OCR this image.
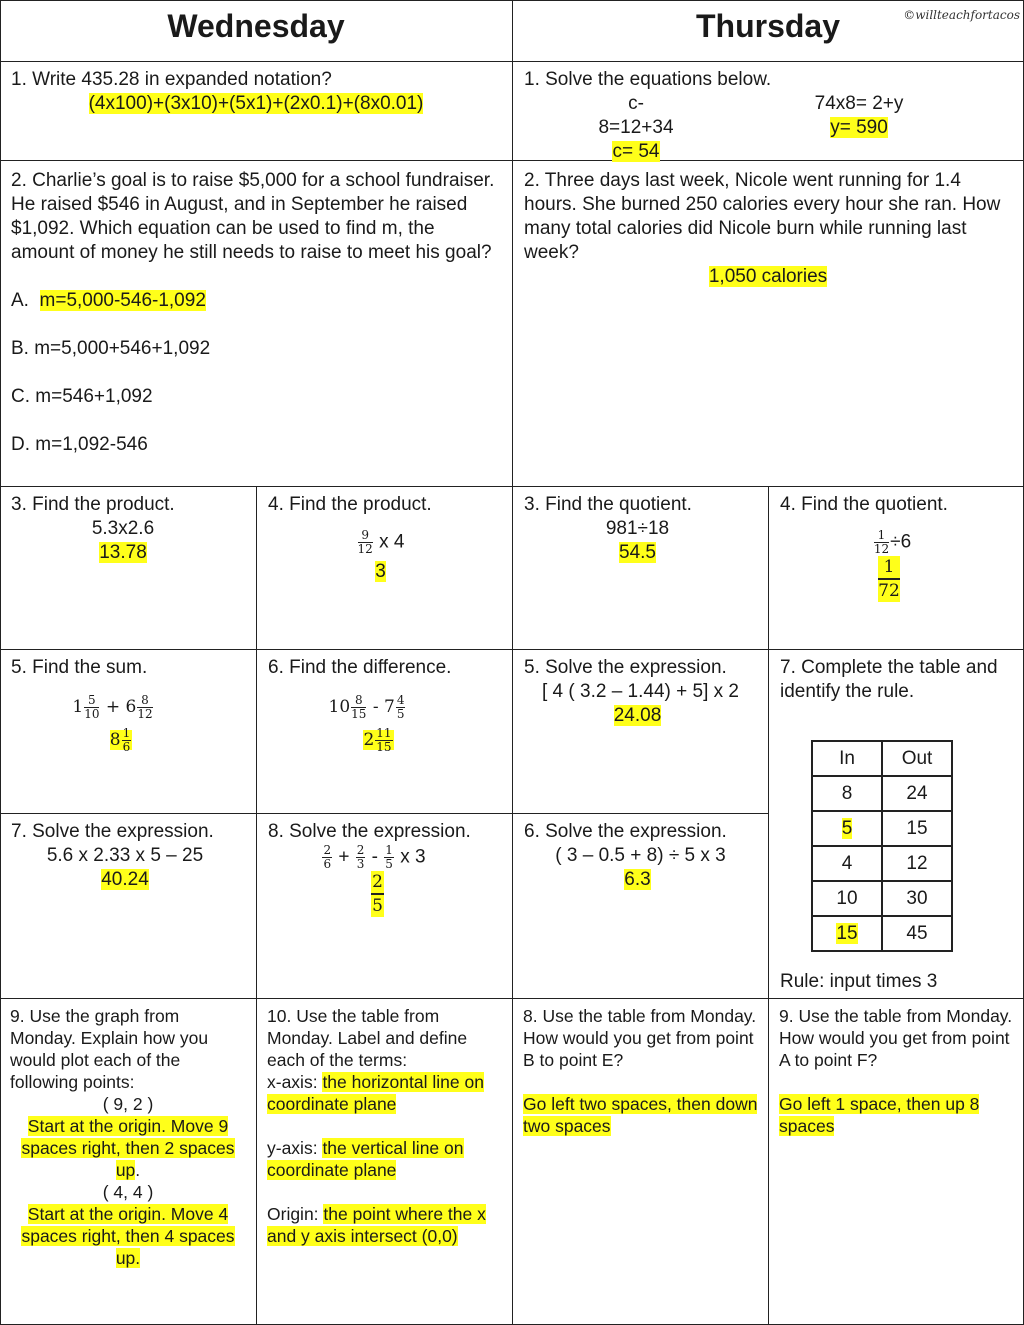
Wednesday	Thursday	©willteachfortacos
1. Write 435.28 in expanded notation?
(4x100)+(3x10)+(5x1)+(2x0.1)+(8x0.01)
1. Solve the equations below.
c-8=12+34
c= 54
74x8= 2+y
y= 590
2. Charlie’s goal is to raise $5,000 for a school fundraiser. He raised $546 in August, and in September he raised $1,092. Which equation can be used to find m, the amount of money he still needs to raise to meet his goal?
A. m=5,000-546-1,092
B. m=5,000+546+1,092
C. m=546+1,092
D. m=1,092-546
2. Three days last week, Nicole went running for 1.4 hours. She burned 250 calories every hour she ran. How many total calories did Nicole burn while running last week?
1,050 calories
3. Find the product.
5.3x2.6
13.78
4. Find the product.
$\frac{9}{12}$ x 4
3
3. Find the quotient.
981÷18
54.5
4. Find the quotient.
$\frac{1}{12} \div 6$
$\frac{1}{72}$
5. Find the sum.
$1 \frac{5}{10} + 6 \frac{8}{12}$
$8 \frac{1}{6}$
6. Find the difference.
$10 \frac{8}{15} - 7 \frac{4}{5}$
$2 \frac{11}{15}$
5. Solve the expression.
[ 4 ( 3.2 – 1.44) + 5] x 2
24.08
7. Complete the table and identify the rule.
Rule: input times 3
In	Out
8	24
5	15
4	12
10	30
15	45
7. Solve the expression.
5.6 x 2.33 x 5 – 25
40.24
8. Solve the expression.
$\frac{2}{6} + \frac{2}{3} - \frac{1}{5}$ x 3
$\frac{2}{5}$
6. Solve the expression.
( 3 – 0.5 + 8) ÷ 5 x 3
6.3
9. Use the graph from Monday. Explain how you would plot each of the following points:
( 9, 2 )
Start at the origin. Move 9 spaces right, then 2 spaces up.
( 4, 4 )
Start at the origin. Move 4 spaces right, then 4 spaces up.
10. Use the table from Monday. Label and define each of the terms:
x-axis: the horizontal line on coordinate plane
y-axis: the vertical line on coordinate plane
Origin: the point where the x and y axis intersect (0,0)
8. Use the table from Monday. How would you get from point B to point E?
Go left two spaces, then down two spaces
9. Use the table from Monday. How would you get from point A to point F?
Go left 1 space, then up 8 spaces
